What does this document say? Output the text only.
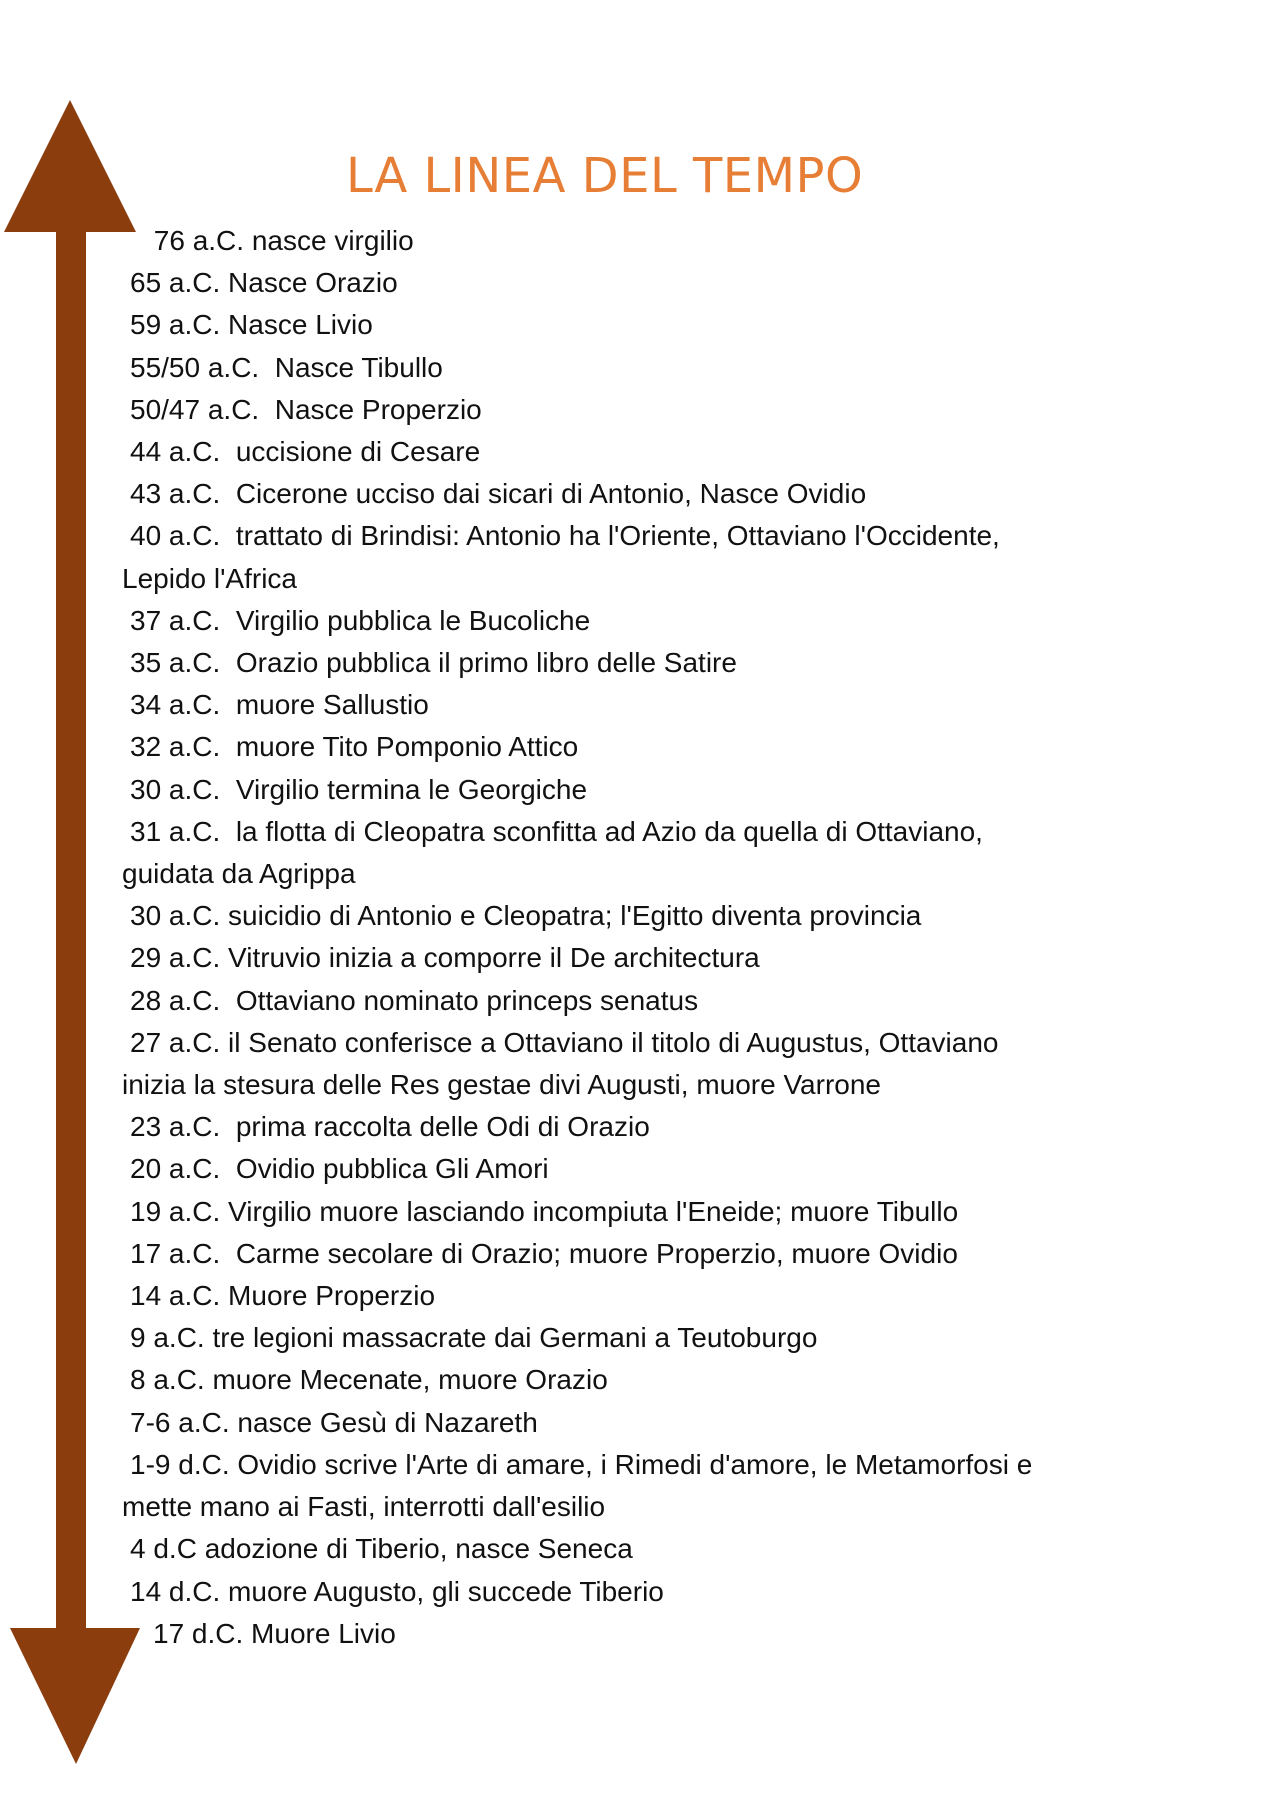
LA LINEA DEL TEMPO
76 a.C. nasce virgilio
65 a.C. Nasce Orazio
59 a.C. Nasce Livio
55/50 a.C.  Nasce Tibullo
50/47 a.C.  Nasce Properzio
44 a.C.  uccisione di Cesare
43 a.C.  Cicerone ucciso dai sicari di Antonio, Nasce Ovidio
40 a.C.  trattato di Brindisi: Antonio ha l'Oriente, Ottaviano l'Occidente,
Lepido l'Africa
37 a.C.  Virgilio pubblica le Bucoliche
35 a.C.  Orazio pubblica il primo libro delle Satire
34 a.C.  muore Sallustio
32 a.C.  muore Tito Pomponio Attico
30 a.C.  Virgilio termina le Georgiche
31 a.C.  la flotta di Cleopatra sconfitta ad Azio da quella di Ottaviano,
guidata da Agrippa
30 a.C. suicidio di Antonio e Cleopatra; l'Egitto diventa provincia
29 a.C. Vitruvio inizia a comporre il De architectura
28 a.C.  Ottaviano nominato princeps senatus
27 a.C. il Senato conferisce a Ottaviano il titolo di Augustus, Ottaviano
inizia la stesura delle Res gestae divi Augusti, muore Varrone
23 a.C.  prima raccolta delle Odi di Orazio
20 a.C.  Ovidio pubblica Gli Amori
19 a.C. Virgilio muore lasciando incompiuta l'Eneide; muore Tibullo
17 a.C.  Carme secolare di Orazio; muore Properzio, muore Ovidio
14 a.C. Muore Properzio
9 a.C. tre legioni massacrate dai Germani a Teutoburgo
8 a.C. muore Mecenate, muore Orazio
7-6 a.C. nasce Gesù di Nazareth
1-9 d.C. Ovidio scrive l'Arte di amare, i Rimedi d'amore, le Metamorfosi e
mette mano ai Fasti, interrotti dall'esilio
4 d.C adozione di Tiberio, nasce Seneca
14 d.C. muore Augusto, gli succede Tiberio
17 d.C. Muore Livio
